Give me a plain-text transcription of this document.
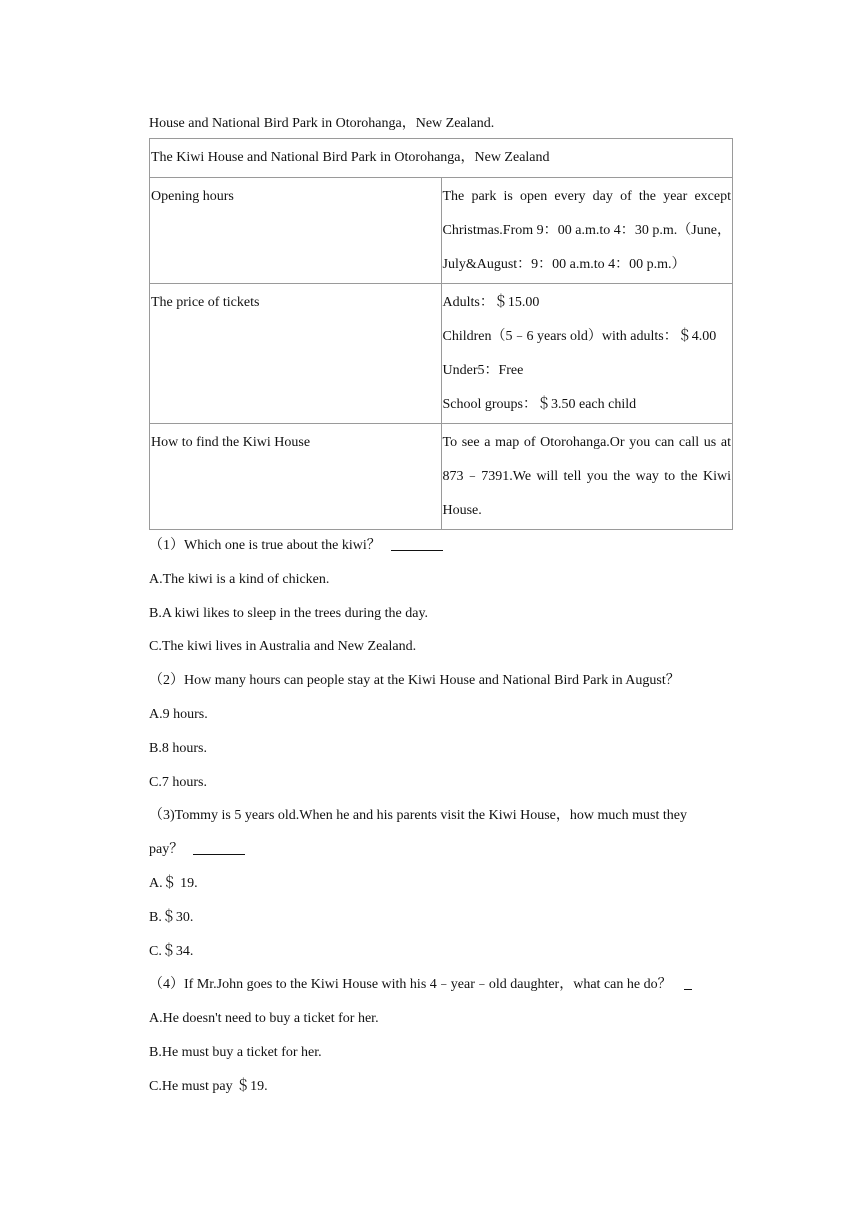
House and National Bird Park in Otorohanga，New Zealand.
The Kiwi House and National Bird Park in Otorohanga，New Zealand	
Opening hours	The park is open every day of the year except
Christmas.From 9：00 a.m.to 4：30 p.m.（June，
July&August：9：00 a.m.to 4：00 p.m.）

The price of tickets	Adults：＄15.00
Children（5﹣6 years old）with adults：＄4.00
Under5：Free
School groups：＄3.50 each child

How to find the Kiwi House	To see a map of Otorohanga.Or you can call us at
873﹣7391.We will tell you the way to the Kiwi
House.
（1）Which one is true about the kiwi？
A.The kiwi is a kind of chicken.
B.A kiwi likes to sleep in the trees during the day.
C.The kiwi lives in Australia and New Zealand.
（2）How many hours can people stay at the Kiwi House and National Bird Park in August？
A.9 hours.
B.8 hours.
C.7 hours.
（3)Tommy is 5 years old.When he and his parents visit the Kiwi House，how much must they
pay？
A.＄ 19.
B.＄30.
C.＄34.
（4）If Mr.John goes to the Kiwi House with his 4﹣year﹣old daughter，what can he do？
A.He doesn't need to buy a ticket for her.
B.He must buy a ticket for her.
C.He must pay ＄19.
